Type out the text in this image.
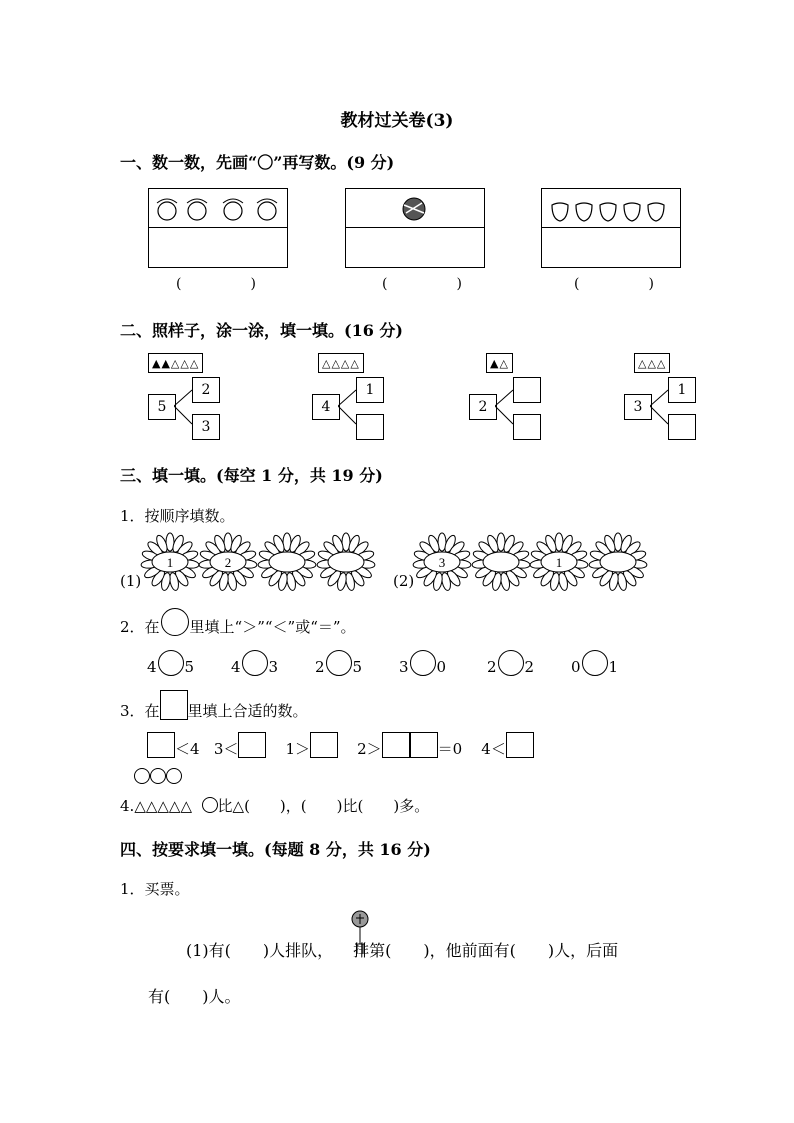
教材过关卷(3)
一、数一数，先画“〇”再写数。(9 分)
(	)	(	)	(	)
二、照样子，涂一涂，填一填。(16 分)
▲▲△△△
5
2
3
△△△△
4
1
▲△
2
△△△
3
1
三、填一填。(每空 1 分，共 19 分)
1．按顺序填数。
(1)	(2)
1	2	3	1
2．在 里填上“＞”“＜”或“＝”。
4 5 4 3 2 5 3 0	2 2 0 1
3．在 里填上合适的数。
＜4 3＜	1＞	2＞	＝0 4＜
4.△△△△△ 比△(　　)，(　　)比(　　)多。
四、按要求填一填。(每题 8 分，共 16 分)
1．买票。
(1)有(　　)人排队， 排第(　　)，他前面有(　　)人，后面
有(　　)人。
